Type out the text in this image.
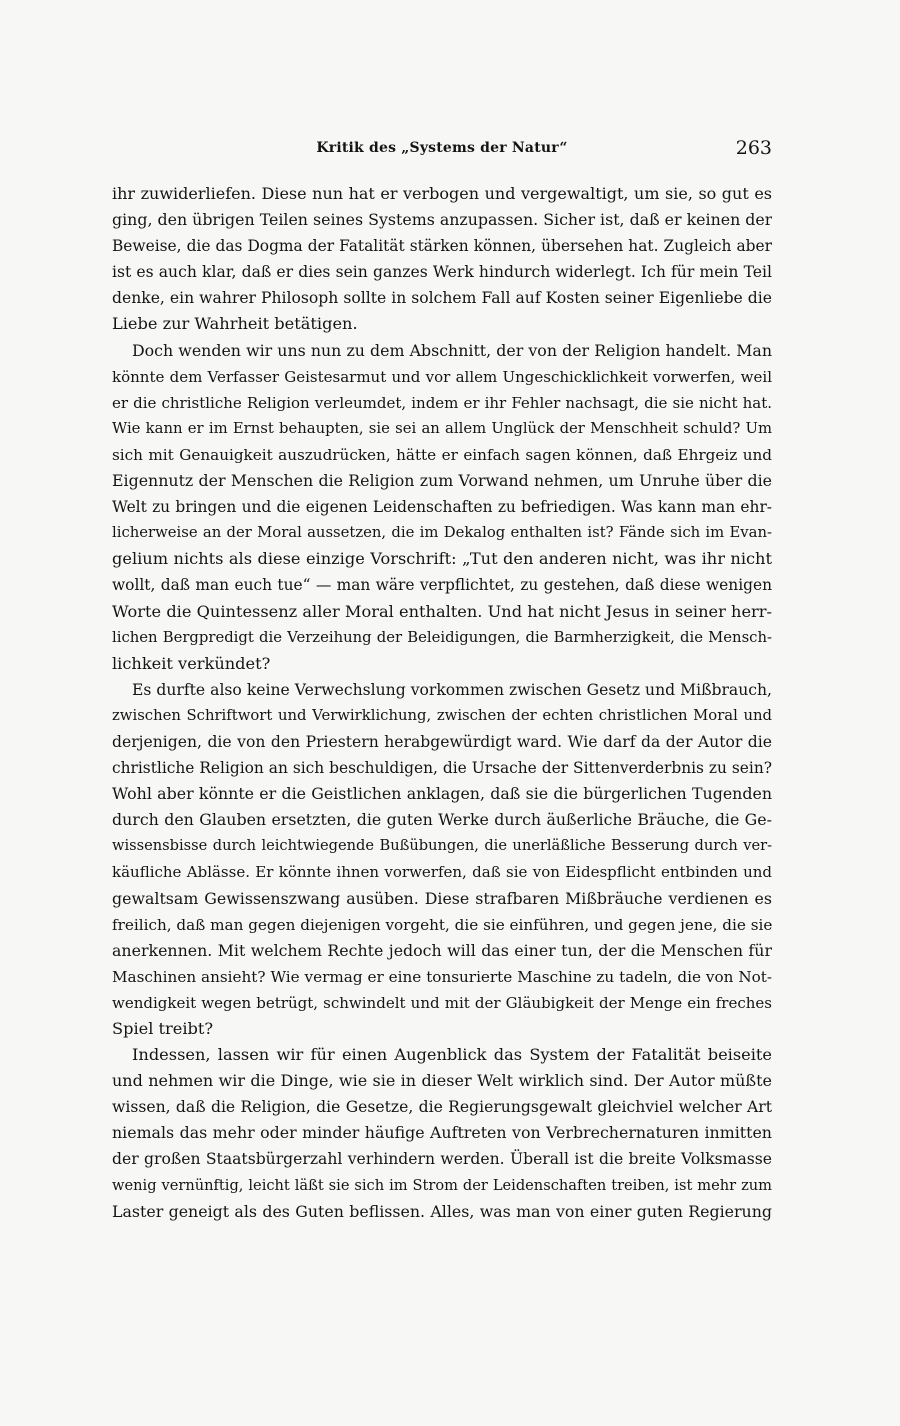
Kritik des „Systems der Natur“	263
ihr zuwiderliefen. Diese nun hat er verbogen und vergewaltigt, um sie, so gut es
ging, den übrigen Teilen seines Systems anzupassen. Sicher ist, daß er keinen der
Beweise, die das Dogma der Fatalität stärken können, übersehen hat. Zugleich aber
ist es auch klar, daß er dies sein ganzes Werk hindurch widerlegt. Ich für mein Teil
denke, ein wahrer Philosoph sollte in solchem Fall auf Kosten seiner Eigenliebe die
Liebe zur Wahrheit betätigen.
Doch wenden wir uns nun zu dem Abschnitt, der von der Religion handelt. Man
könnte dem Verfasser Geistesarmut und vor allem Ungeschicklichkeit vorwerfen, weil
er die christliche Religion verleumdet, indem er ihr Fehler nachsagt, die sie nicht hat.
Wie kann er im Ernst behaupten, sie sei an allem Unglück der Menschheit schuld? Um
sich mit Genauigkeit auszudrücken, hätte er einfach sagen können, daß Ehrgeiz und
Eigennutz der Menschen die Religion zum Vorwand nehmen, um Unruhe über die
Welt zu bringen und die eigenen Leidenschaften zu befriedigen. Was kann man ehr-
licherweise an der Moral aussetzen, die im Dekalog enthalten ist? Fände sich im Evan-
gelium nichts als diese einzige Vorschrift: „Tut den anderen nicht, was ihr nicht
wollt, daß man euch tue“ — man wäre verpflichtet, zu gestehen, daß diese wenigen
Worte die Quintessenz aller Moral enthalten. Und hat nicht Jesus in seiner herr-
lichen Bergpredigt die Verzeihung der Beleidigungen, die Barmherzigkeit, die Mensch-
lichkeit verkündet?
Es durfte also keine Verwechslung vorkommen zwischen Gesetz und Mißbrauch,
zwischen Schriftwort und Verwirklichung, zwischen der echten christlichen Moral und
derjenigen, die von den Priestern herabgewürdigt ward. Wie darf da der Autor die
christliche Religion an sich beschuldigen, die Ursache der Sittenverderbnis zu sein?
Wohl aber könnte er die Geistlichen anklagen, daß sie die bürgerlichen Tugenden
durch den Glauben ersetzten, die guten Werke durch äußerliche Bräuche, die Ge-
wissensbisse durch leichtwiegende Bußübungen, die unerläßliche Besserung durch ver-
käufliche Ablässe. Er könnte ihnen vorwerfen, daß sie von Eidespflicht entbinden und
gewaltsam Gewissenszwang ausüben. Diese strafbaren Mißbräuche verdienen es
freilich, daß man gegen diejenigen vorgeht, die sie einführen, und gegen jene, die sie
anerkennen. Mit welchem Rechte jedoch will das einer tun, der die Menschen für
Maschinen ansieht? Wie vermag er eine tonsurierte Maschine zu tadeln, die von Not-
wendigkeit wegen betrügt, schwindelt und mit der Gläubigkeit der Menge ein freches
Spiel treibt?
Indessen, lassen wir für einen Augenblick das System der Fatalität beiseite
und nehmen wir die Dinge, wie sie in dieser Welt wirklich sind. Der Autor müßte
wissen, daß die Religion, die Gesetze, die Regierungsgewalt gleichviel welcher Art
niemals das mehr oder minder häufige Auftreten von Verbrechernaturen inmitten
der großen Staatsbürgerzahl verhindern werden. Überall ist die breite Volksmasse
wenig vernünftig, leicht läßt sie sich im Strom der Leidenschaften treiben, ist mehr zum
Laster geneigt als des Guten beflissen. Alles, was man von einer guten Regierung
